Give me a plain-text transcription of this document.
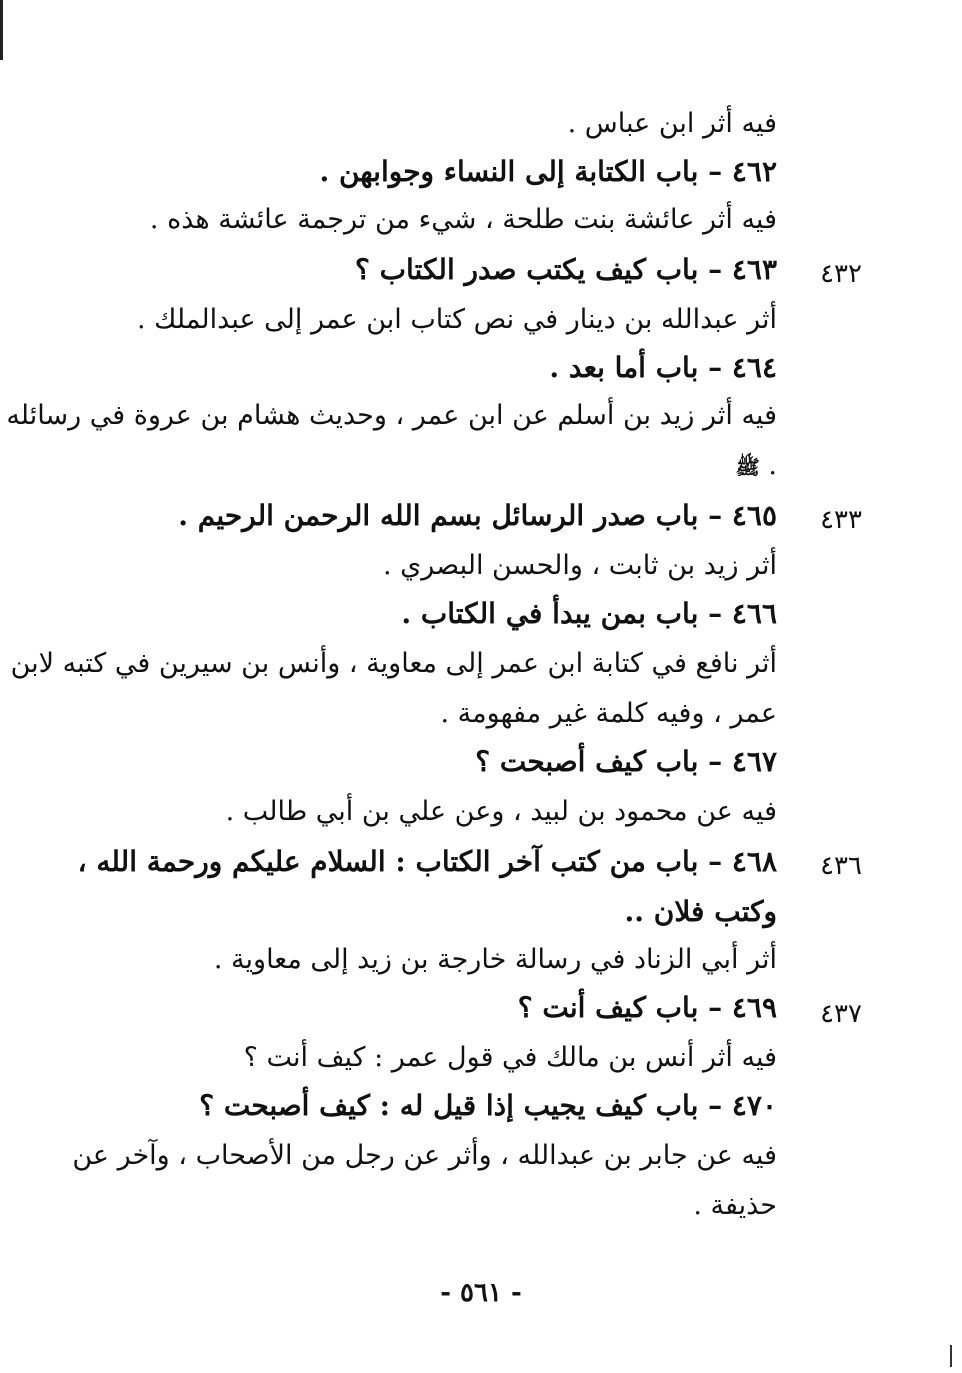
فيه أثر ابن عباس .
٤٦٢ – باب الكتابة إلى النساء وجوابهن .
فيه أثر عائشة بنت طلحة ، شيء من ترجمة عائشة هذه .
٤٣٢
٤٦٣ – باب كيف يكتب صدر الكتاب ؟
أثر عبدالله بن دينار في نص كتاب ابن عمر إلى عبدالملك .
٤٦٤ – باب أما بعد .
فيه أثر زيد بن أسلم عن ابن عمر ، وحديث هشام بن عروة في رسائله
ﷺ .
٤٣٣
٤٦٥ – باب صدر الرسائل بسم الله الرحمن الرحيم .
أثر زيد بن ثابت ، والحسن البصري .
٤٦٦ – باب بمن يبدأ في الكتاب .
أثر نافع في كتابة ابن عمر إلى معاوية ، وأنس بن سيرين في كتبه لابن
عمر ، وفيه كلمة غير مفهومة .
٤٦٧ – باب كيف أصبحت ؟
فيه عن محمود بن لبيد ، وعن علي بن أبي طالب .
٤٣٦
٤٦٨ – باب من كتب آخر الكتاب : السلام عليكم ورحمة الله ،
وكتب فلان ..
أثر أبي الزناد في رسالة خارجة بن زيد إلى معاوية .
٤٣٧
٤٦٩ – باب كيف أنت ؟
فيه أثر أنس بن مالك في قول عمر : كيف أنت ؟
٤٧٠ – باب كيف يجيب إذا قيل له : كيف أصبحت ؟
فيه عن جابر بن عبدالله ، وأثر عن رجل من الأصحاب ، وآخر عن
حذيفة .
- ٥٦١ -
